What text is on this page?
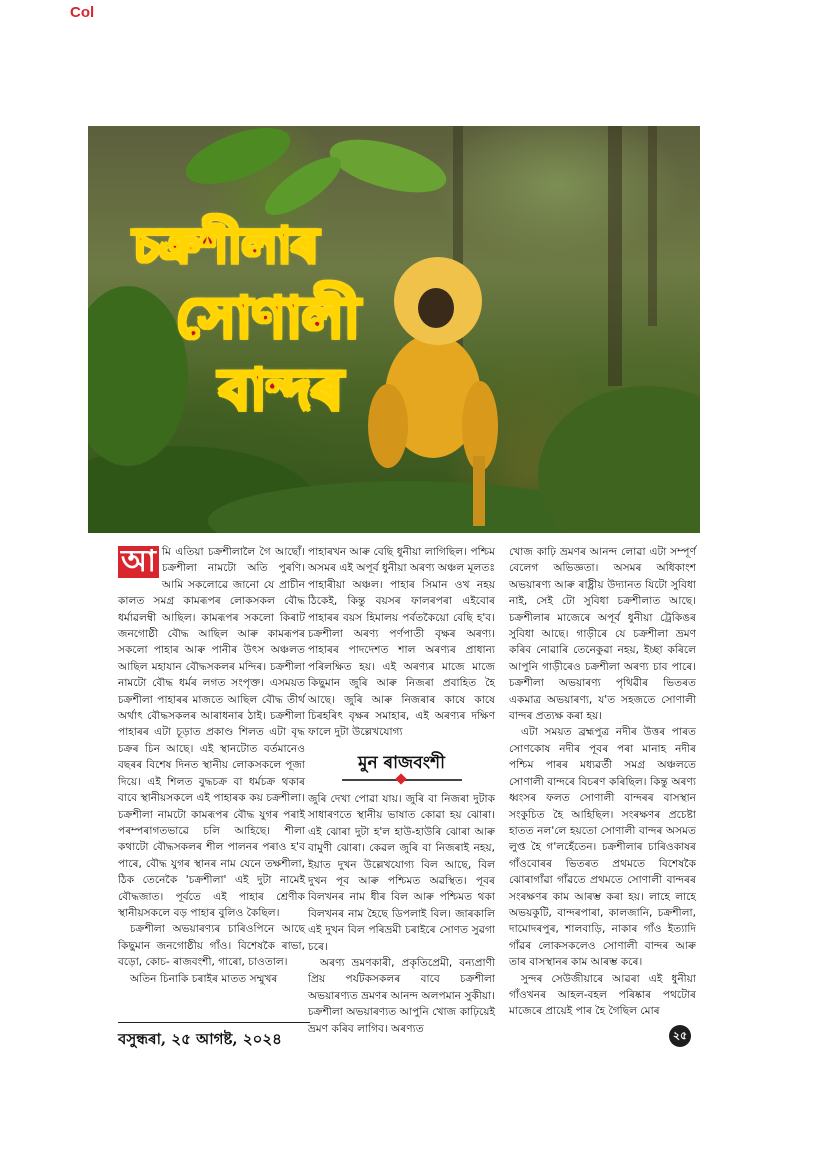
Col
চক্ৰশীলাৰ
সোণালী
বান্দৰ

আ মি এতিয়া চক্ৰশীলালৈ গৈ আছোঁ। চক্ৰশীলা নামটো অতি পুৰণি। আমি সকলোৱে জানো যে প্ৰাচীন কালত সমগ্ৰ কামৰূপৰ লোকসকল বৌদ্ধ ধৰ্মাৱলম্বী আছিল। কামৰূপৰ সকলো কিৰাট জনগোষ্ঠী বৌদ্ধ আছিল আৰু কামৰূপৰ সকলো পাহাৰ আৰু পানীৰ উৎস অঞ্চলত আছিল মহাযান বৌদ্ধসকলৰ মন্দিৰ। চক্ৰশীলা নামটো বৌদ্ধ ধৰ্মৰ লগত সংপৃক্ত। এসময়ত চক্ৰশীলা পাহাৰৰ মাজতে আছিল বৌদ্ধ তীৰ্থ অৰ্থাৎ বৌদ্ধসকলৰ আৰাধনাৰ ঠাই। চক্ৰশীলা পাহাৰৰ এটা চূড়াত প্ৰকাণ্ড শিলত এটা বৃদ্ধ চক্ৰৰ চিন আছে। এই স্থানটোত বৰ্তমানেও বছৰৰ বিশেষ দিনত স্থানীয় লোকসকলে পূজা দিয়ে। এই শিলত বুদ্ধচক্ৰ বা ধৰ্মচক্ৰ থকাৰ বাবে স্থানীয়সকলে এই পাহাৰক কয় চক্ৰশীলা। চক্ৰশীলা নামটো কামৰূপৰ বৌদ্ধ যুগৰ পৰাই পৰম্পৰাগতভাৱে চলি আহিছে। শীলা কথাটো বৌদ্ধসকলৰ শীল পালনৰ পৰাও হ'ব পাৰে, বৌদ্ধ যুগৰ স্থানৰ নাম যেনে তক্ষশীলা, ঠিক তেনেকৈ 'চক্ৰশীলা' এই দুটা নামেই বৌদ্ধজাত। পূৰ্বতে এই পাহাৰ শ্ৰেণীক স্থানীয়সকলে বড় পাহাৰ বুলিও কৈছিল।

চক্ৰশীলা অভয়াৰণ্যৰ চাৰিওপিনে আছে কিছুমান জনগোষ্ঠীয় গাঁও। বিশেষকৈ ৰাভা, বড়ো, কোচ- ৰাজবংশী, গাৰো, চাওতাল।

অতিন চিনাকি চৰাইৰ মাতত সম্মুখৰ

পাহাৰখন আৰু বেছি ধুনীয়া লাগিছিল। পশ্চিম অসমৰ এই অপূৰ্ব ধুনীয়া অৰণ্য অঞ্চল মূলতঃ পাহাৰীয়া অঞ্চল। পাহাৰ সিমান ওখ নহয় ঠিকেই, কিন্তু বয়সৰ ফালৰপৰা এইবোৰ পাহাৰৰ বয়স হিমালয় পৰ্বতকৈয়ো বেছি হ'ব। চক্ৰশীলা অৰণ্য পৰ্ণপাতী বৃক্ষৰ অৰণ্য। পাহাৰৰ পাদদেশত শাল অৰণ্যৰ প্ৰাধান্য পৰিলক্ষিত হয়। এই অৰণ্যৰ মাজে মাজে কিছুমান জুৰি আৰু নিজৰা প্ৰবাহিত হৈ আছে। জুৰি আৰু নিজৰাৰ কাষে কাষে চিৰহৰিৎ বৃক্ষৰ সমাহাৰ, এই অৰণ্যৰ দক্ষিণ ফালে দুটা উল্লেখযোগ্য

মুন ৰাজবংশী

জুৰি দেখা পোৱা যায়। জুৰি বা নিজৰা দুটাক সাধাৰণতে স্থানীয় ভাষাত কোৱা হয় ঝোৰা। এই ঝোৰা দুটা হ'ল হাউ-হাউৰি ঝোৰা আৰু বামুণী ঝোৰা। কেৱল জুৰি বা নিজৰাই নহয়, ইয়াত দুখন উল্লেখযোগ্য বিল আছে, বিল দুখন পূব আৰু পশ্চিমত অৱস্থিত। পূবৰ বিলখনৰ নাম ধীৰ বিল আৰু পশ্চিমত থকা বিলখনৰ নাম হৈছে ডিপলাই বিল। জাৰকালি এই দুখন বিল পৰিভ্ৰমী চৰাইৰে সোণত সুৱগা চৰে।

অৰণ্য ভ্ৰমণকাৰী, প্ৰকৃতিপ্ৰেমী, বন্যপ্ৰাণী প্ৰিয় পৰ্যটকসকলৰ বাবে চক্ৰশীলা অভয়াৰণ্যত ভ্ৰমণৰ আনন্দ অলপমান সুকীয়া। চক্ৰশীলা অভয়াৰণ্যত আপুনি খোজ কাঢ়িয়েই ভ্ৰমণ কৰিব লাগিব। অৰণ্যত

খোজ কাঢ়ি ভ্ৰমণৰ আনন্দ লোৱা এটা সম্পূৰ্ণ বেলেগ অভিজ্ঞতা। অসমৰ অধিকাংশ অভয়াৰণ্য আৰু ৰাষ্ট্ৰীয় উদ্যানত যিটো সুবিধা নাই, সেই টো সুবিধা চক্ৰশীলাত আছে। চক্ৰশীলাৰ মাজেৰে অপূৰ্ব ধুনীয়া ট্ৰেকিঙৰ সুবিধা আছে। গাড়ীৰে যে চক্ৰশীলা ভ্ৰমণ কৰিব নোৱাৰি তেনেকুৱা নহয়, ইচ্ছা কৰিলে আপুনি গাড়ীৰেও চক্ৰশীলা অৰণ্য চাব পাৰে। চক্ৰশীলা অভয়াৰণ্য পৃথিৱীৰ ভিতৰত একমাত্ৰ অভয়াৰণ্য, য'ত সহজতে সোণালী বান্দৰ প্ৰত্যক্ষ কৰা হয়।

এটা সময়ত ব্ৰহ্মপুত্ৰ নদীৰ উত্তৰ পাৰত সোণকোষ নদীৰ পূবৰ পৰা মানাহ নদীৰ পশ্চিম পাৰৰ মধ্যৱৰ্তী সমগ্ৰ অঞ্চলতে সোণালী বান্দৰে বিচৰণ কৰিছিল। কিন্তু অৰণ্য ধ্বংসৰ ফলত সোণালী বান্দৰৰ বাসস্থান সংকুচিত হৈ আহিছিল। সংৰক্ষণৰ প্ৰচেষ্টা হাতত নল'লে হয়তো সোণালী বান্দৰ অসমত লুপ্ত হৈ গ'লহেঁতেন। চক্ৰশীলাৰ চাৰিওকাষৰ গাঁওবোৰৰ ভিতৰত প্ৰথমতে বিশেষকৈ ঝোৰাগাঁৱা গাঁৱতে প্ৰথমতে সোণালী বান্দৰৰ সংৰক্ষণৰ কাম আৰম্ভ কৰা হয়। লাহে লাহে অভয়কুটি, বান্দৰপাৰা, কালজানি, চক্ৰশীলা, দামোদৰপুৰ, শালবাড়ি, নাকাৰ গাঁও ইত্যাদি গাঁৱৰ লোকসকলেও সোণালী বান্দৰ আৰু তাৰ বাসস্থানৰ কাম আৰম্ভ কৰে।

সুন্দৰ সেউজীয়াৰে আৱৰা এই ধুনীয়া গাঁওখনৰ আহল-বহল পৰিষ্কাৰ পথটোৰ মাজেৰে প্ৰায়েই পাৰ হৈ গৈছিল মোৰ

বসুন্ধৰা, ২৫ আগষ্ট, ২০২৪	২৫
